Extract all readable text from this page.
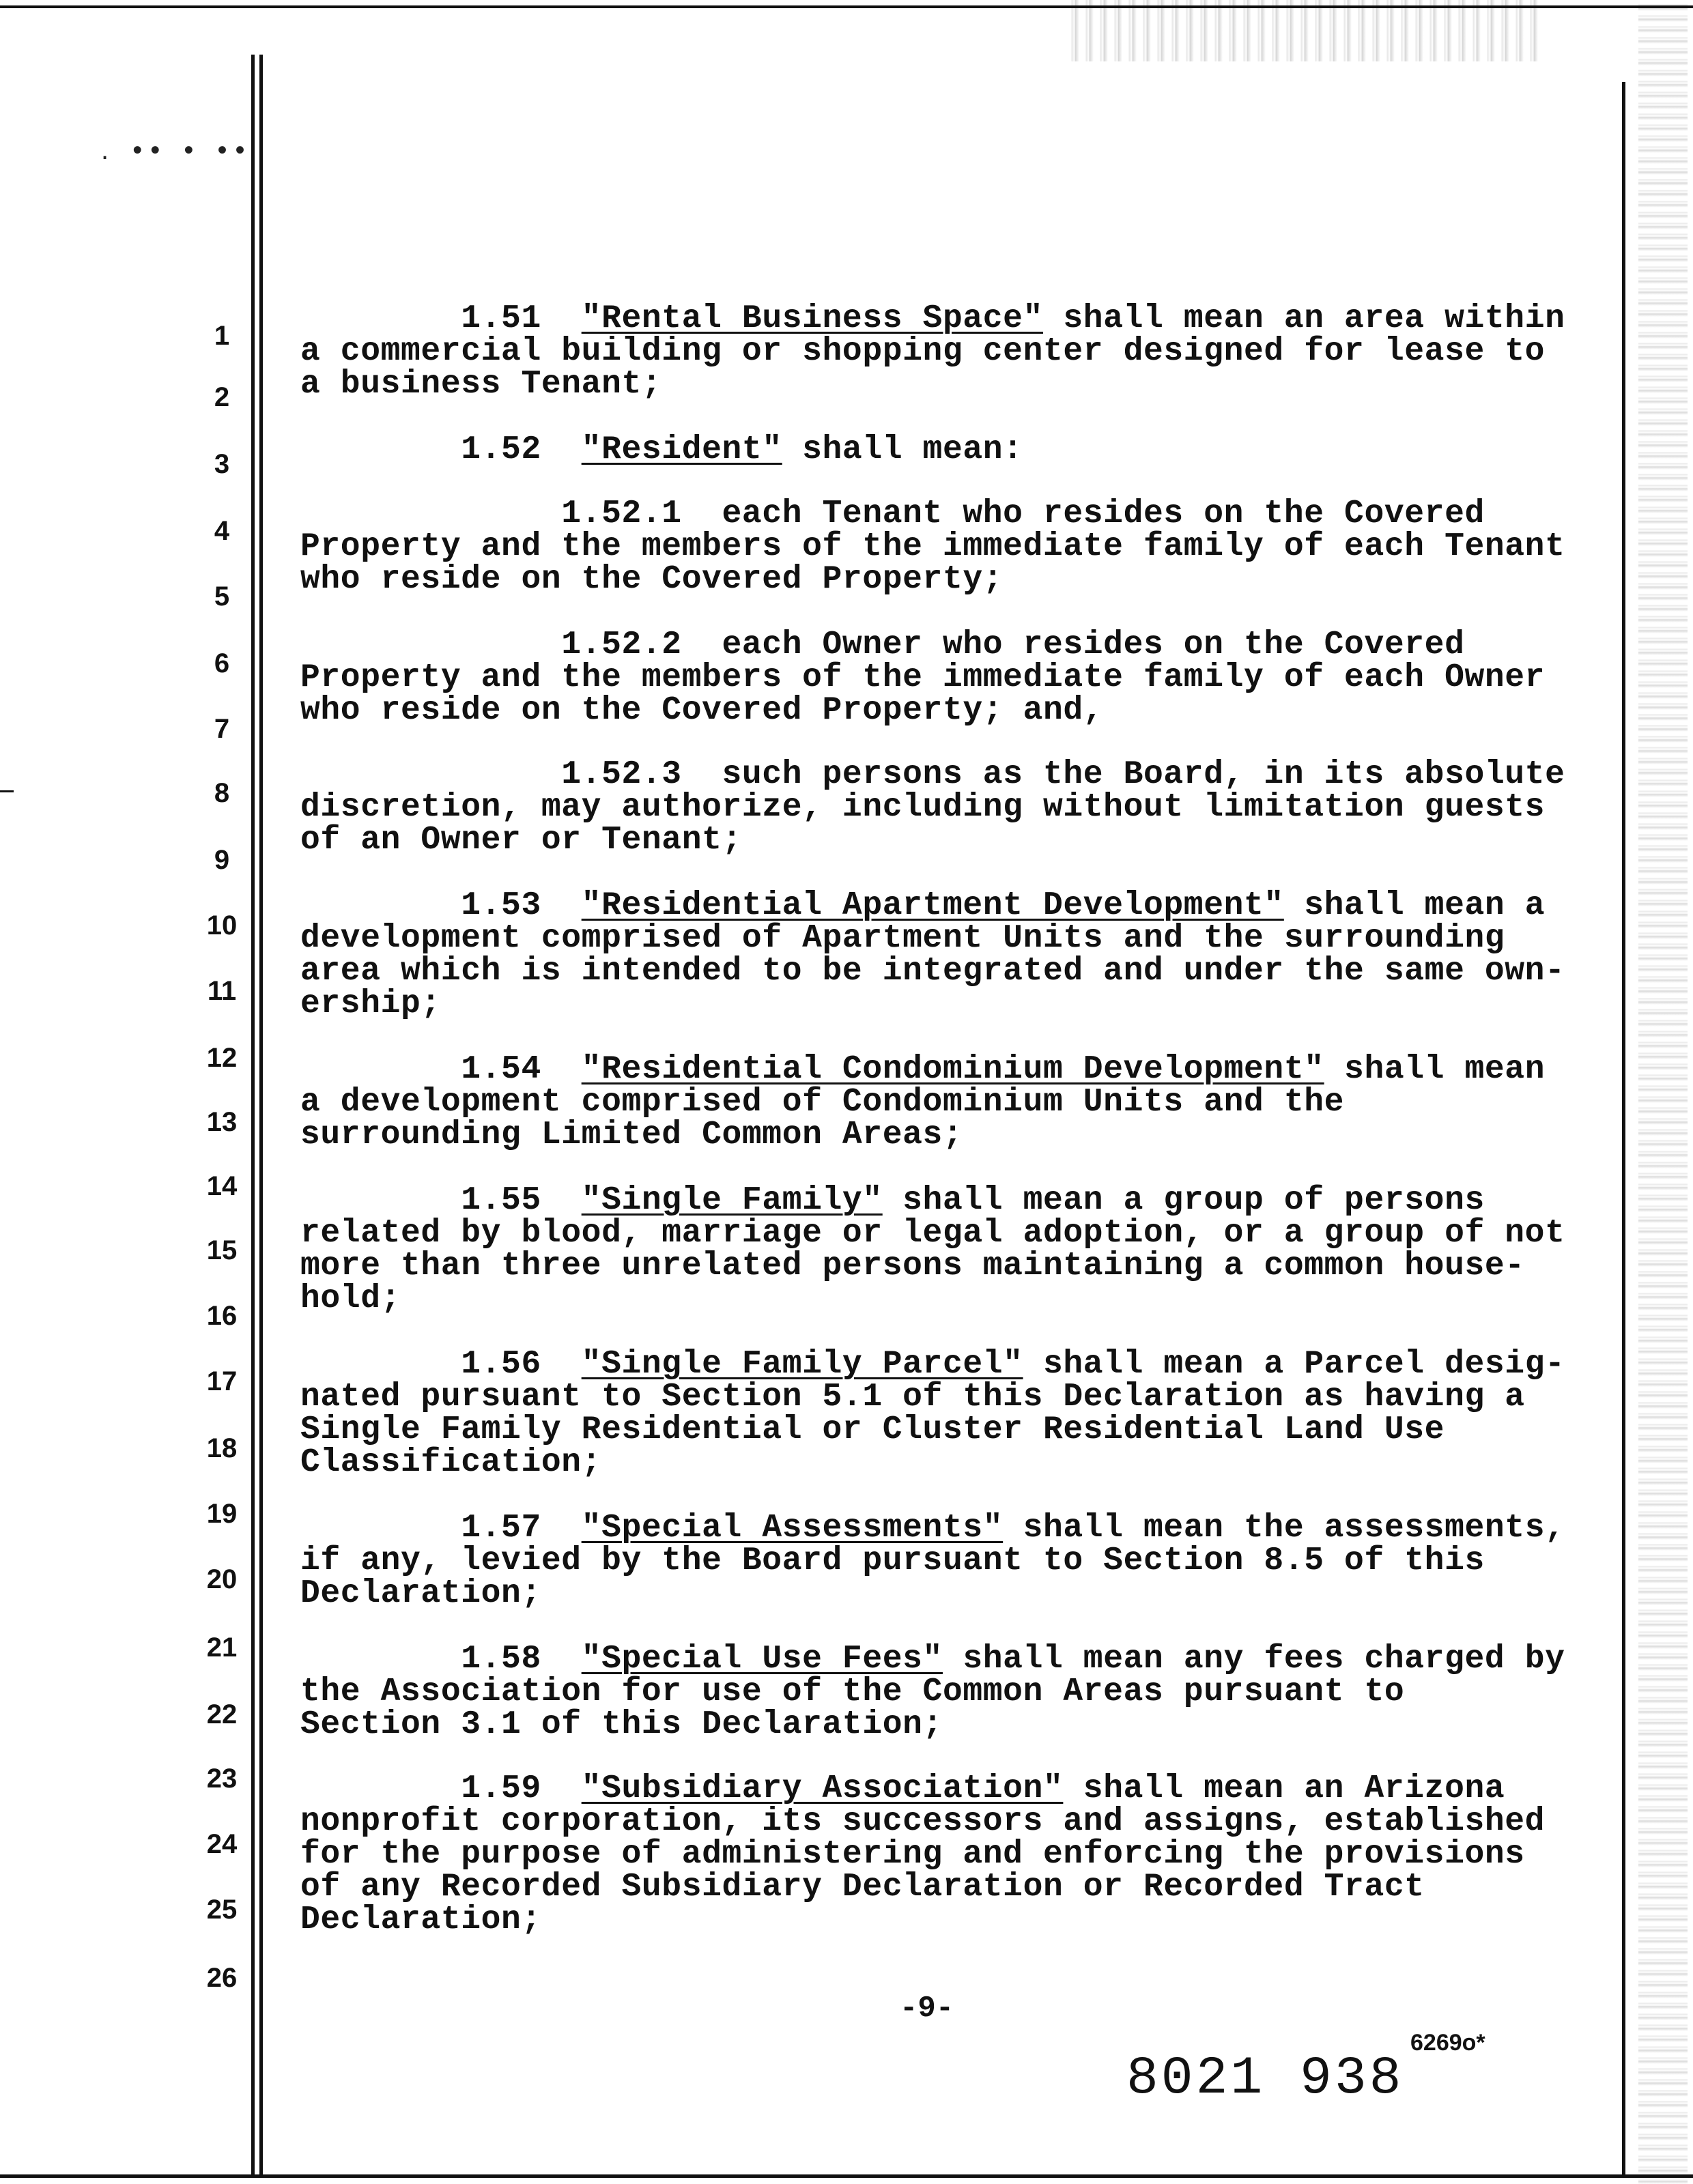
. •• • ••
1
2
3
4
5
6
7
8
9
10
11
12
13
14
15
16
17
18
19
20
21
22
23
24
25
26
1.51  "Rental Business Space" shall mean an area within
a commercial building or shopping center designed for lease to
a business Tenant;
1.52  "Resident" shall mean:
1.52.1  each Tenant who resides on the Covered
Property and the members of the immediate family of each Tenant
who reside on the Covered Property;
1.52.2  each Owner who resides on the Covered
Property and the members of the immediate family of each Owner
who reside on the Covered Property; and,
1.52.3  such persons as the Board, in its absolute
discretion, may authorize, including without limitation guests
of an Owner or Tenant;
1.53  "Residential Apartment Development" shall mean a
development comprised of Apartment Units and the surrounding
area which is intended to be integrated and under the same own-
ership;
1.54  "Residential Condominium Development" shall mean
a development comprised of Condominium Units and the
surrounding Limited Common Areas;
1.55  "Single Family" shall mean a group of persons
related by blood, marriage or legal adoption, or a group of not
more than three unrelated persons maintaining a common house-
hold;
1.56  "Single Family Parcel" shall mean a Parcel desig-
nated pursuant to Section 5.1 of this Declaration as having a
Single Family Residential or Cluster Residential Land Use
Classification;
1.57  "Special Assessments" shall mean the assessments,
if any, levied by the Board pursuant to Section 8.5 of this
Declaration;
1.58  "Special Use Fees" shall mean any fees charged by
the Association for use of the Common Areas pursuant to
Section 3.1 of this Declaration;
1.59  "Subsidiary Association" shall mean an Arizona
nonprofit corporation, its successors and assigns, established
for the purpose of administering and enforcing the provisions
of any Recorded Subsidiary Declaration or Recorded Tract
Declaration;
-9-
8021 938
6269o*
